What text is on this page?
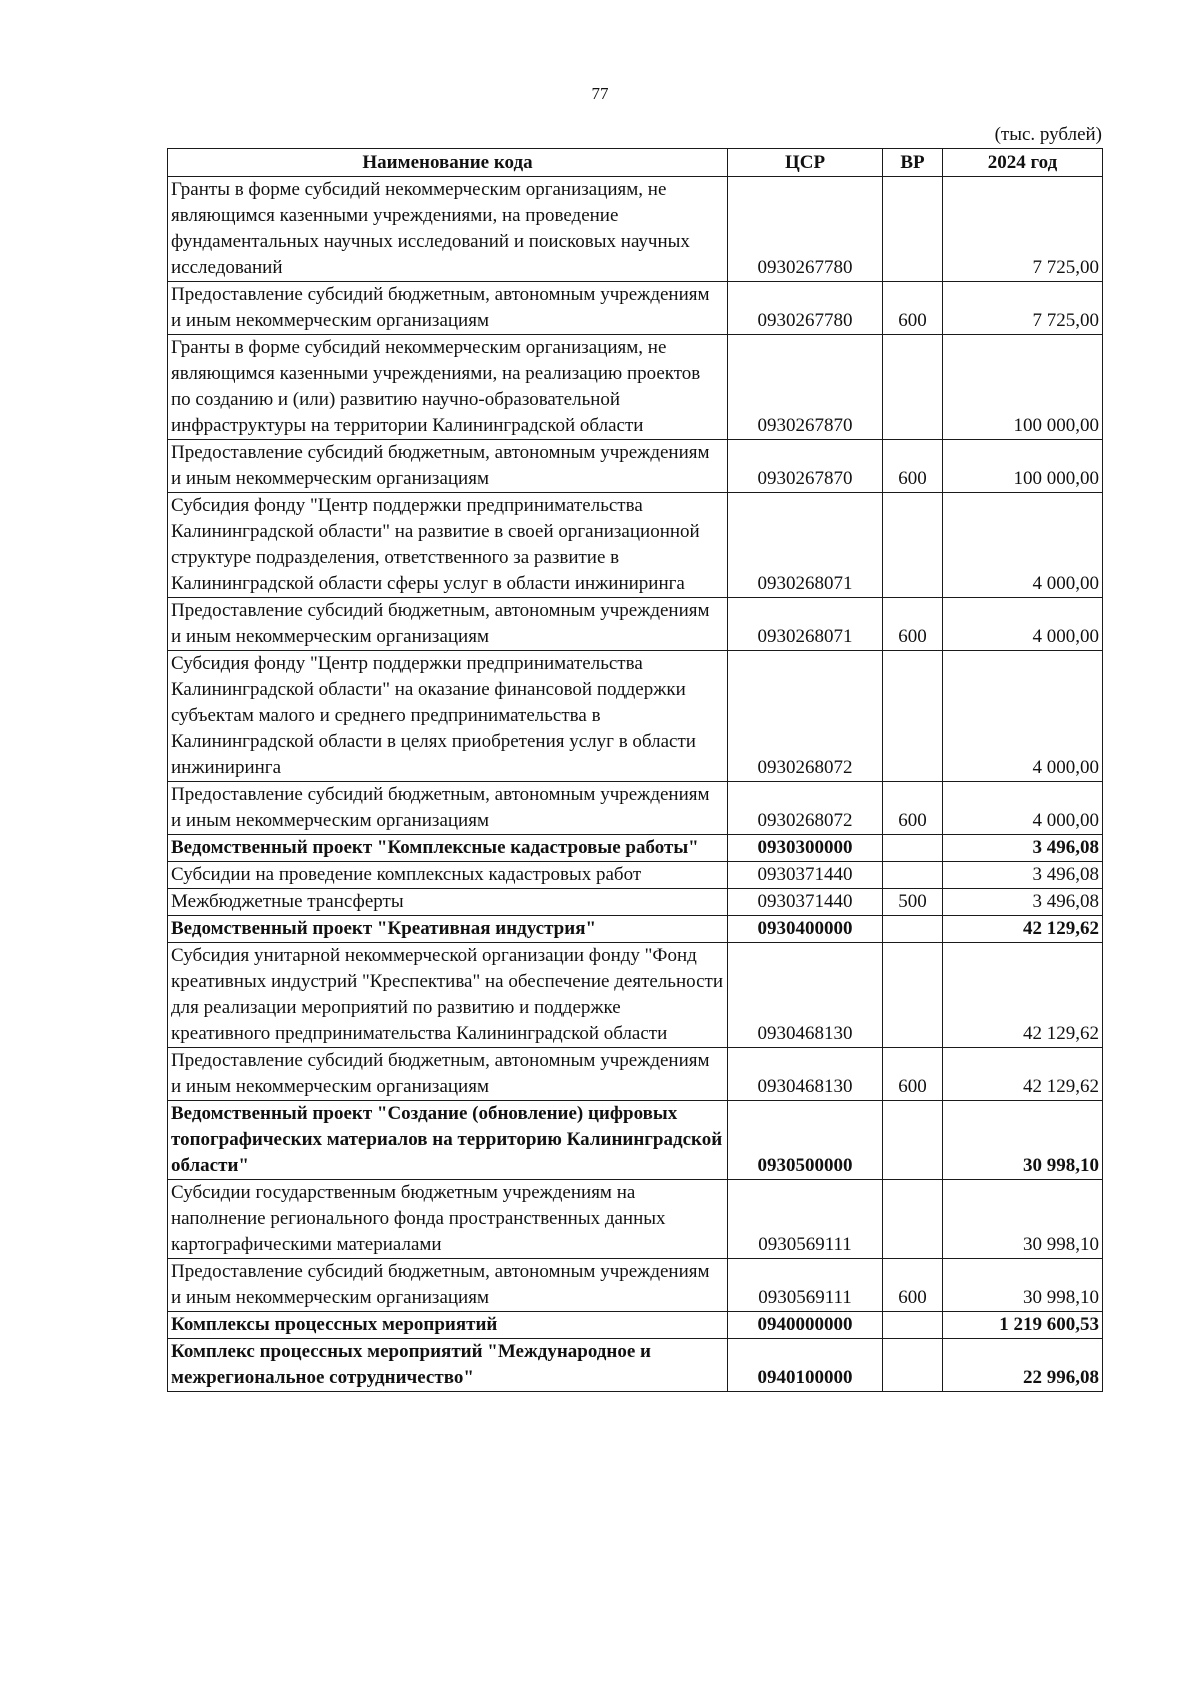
77
(тыс. рублей)
Наименование кода	ЦСР	ВР	2024 год
Гранты в форме субсидий некоммерческим организациям, не являющимся казенными учреждениями, на проведение фундаментальных научных исследований и поисковых научных исследований	0930267780		7 725,00
Предоставление субсидий бюджетным, автономным учреждениям и иным некоммерческим организациям	0930267780	600	7 725,00
Гранты в форме субсидий некоммерческим организациям, не являющимся казенными учреждениями, на реализацию проектов по созданию и (или) развитию научно-образовательной инфраструктуры на территории Калининградской области	0930267870		100 000,00
Предоставление субсидий бюджетным, автономным учреждениям и иным некоммерческим организациям	0930267870	600	100 000,00
Субсидия фонду "Центр поддержки предпринимательства Калининградской области" на развитие в своей организационной структуре подразделения, ответственного за развитие в Калининградской области сферы услуг в области инжиниринга	0930268071		4 000,00
Предоставление субсидий бюджетным, автономным учреждениям и иным некоммерческим организациям	0930268071	600	4 000,00
Субсидия фонду "Центр поддержки предпринимательства Калининградской области" на оказание финансовой поддержки субъектам малого и среднего предпринимательства в Калининградской области в целях приобретения услуг в области инжиниринга	0930268072		4 000,00
Предоставление субсидий бюджетным, автономным учреждениям и иным некоммерческим организациям	0930268072	600	4 000,00
Ведомственный проект "Комплексные кадастровые работы"	0930300000		3 496,08
Субсидии на проведение комплексных кадастровых работ	0930371440		3 496,08
Межбюджетные трансферты	0930371440	500	3 496,08
Ведомственный проект "Креативная индустрия"	0930400000		42 129,62
Субсидия унитарной некоммерческой организации фонду "Фонд креативных индустрий "Креспектива" на обеспечение деятельности для реализации мероприятий по развитию и поддержке креативного предпринимательства Калининградской области	0930468130		42 129,62
Предоставление субсидий бюджетным, автономным учреждениям и иным некоммерческим организациям	0930468130	600	42 129,62
Ведомственный проект "Создание (обновление) цифровых топографических материалов на территорию Калининградской области"	0930500000		30 998,10
Субсидии государственным бюджетным учреждениям на наполнение регионального фонда пространственных данных картографическими материалами	0930569111		30 998,10
Предоставление субсидий бюджетным, автономным учреждениям и иным некоммерческим организациям	0930569111	600	30 998,10
Комплексы процессных мероприятий	0940000000		1 219 600,53
Комплекс процессных мероприятий "Международное и межрегиональное сотрудничество"	0940100000		22 996,08
